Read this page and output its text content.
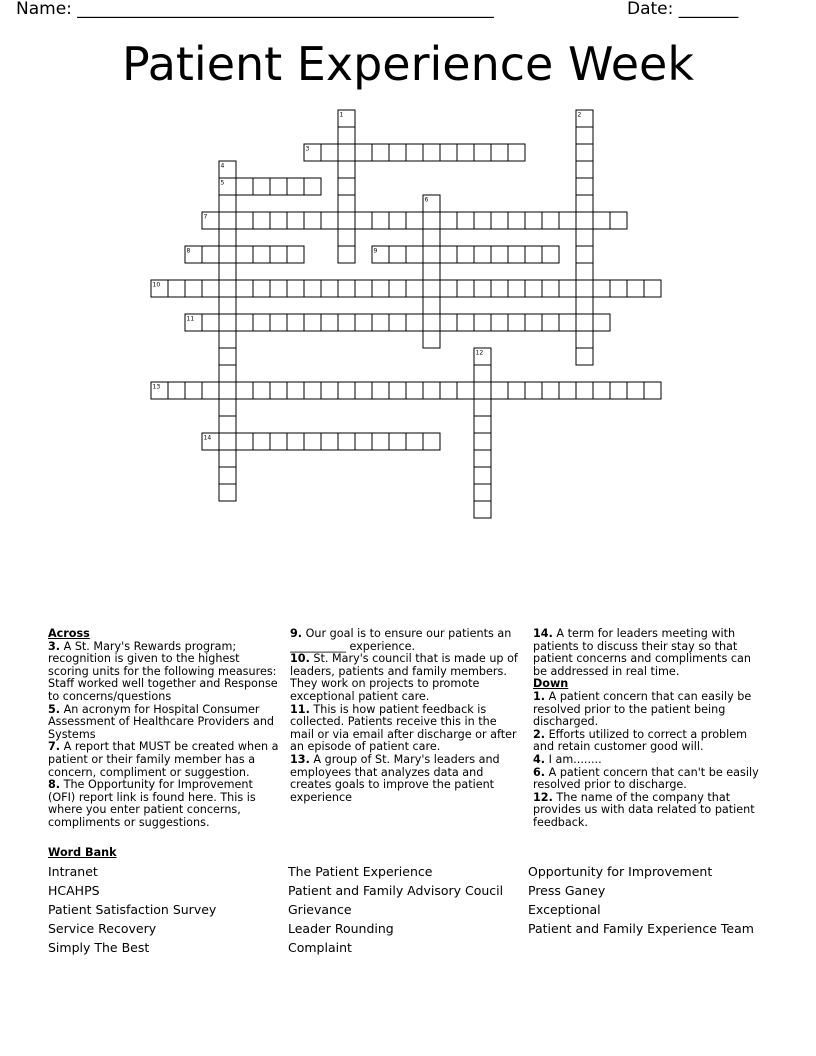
Name: _________________________________________________	Date: _______
Patient Experience Week
1	2
3
4
5
6
7
8	9
10
11
12
13
14

Across

3. A St. Mary's Rewards program; recognition is given to the highest scoring units for the following measures: Staff worked well together and Response to concerns/questions

5. An acronym for Hospital Consumer Assessment of Healthcare Providers and Systems

7. A report that MUST be created when a patient or their family member has a concern, compliment or suggestion.

8. The Opportunity for Improvement (OFI) report link is found here. This is where you enter patient concerns, compliments or suggestions.

9. Our goal is to ensure our patients an __________ experience.

10. St. Mary's council that is made up of leaders, patients and family members. They work on projects to promote exceptional patient care.

11. This is how patient feedback is collected. Patients receive this in the mail or via email after discharge or after an episode of patient care.

13. A group of St. Mary's leaders and employees that analyzes data and creates goals to improve the patient experience

14. A term for leaders meeting with patients to discuss their stay so that patient concerns and compliments can be addressed in real time.

Down

1. A patient concern that can easily be resolved prior to the patient being discharged.

2. Efforts utilized to correct a problem and retain customer good will.

4. I am........

6. A patient concern that can't be easily resolved prior to discharge.

12. The name of the company that provides us with data related to patient feedback.

Word Bank
Intranet
HCAHPS
Patient Satisfaction Survey
Service Recovery
Simply The Best
The Patient Experience
Patient and Family Advisory Coucil
Grievance
Leader Rounding
Complaint
Opportunity for Improvement
Press Ganey
Exceptional
Patient and Family Experience Team
